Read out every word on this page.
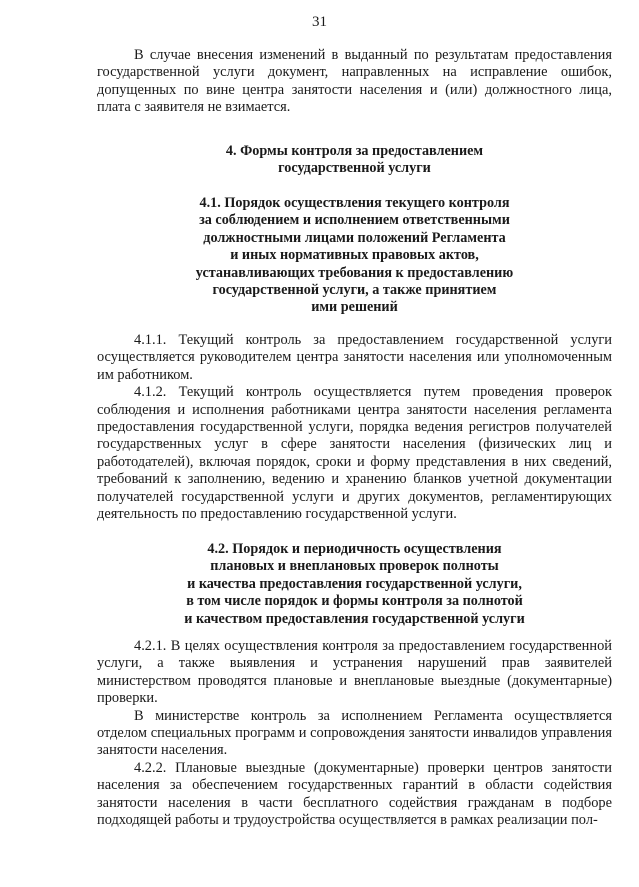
31

В случае внесения изменений в выданный по результатам предоставления государственной услуги документ, направленных на исправление ошибок, допущенных по вине центра занятости населения и (или) должностного лица, плата с заявителя не взимается.

4. Формы контроля за предоставлением
государственной услуги
4.1. Порядок осуществления текущего контроля
за соблюдением и исполнением ответственными
должностными лицами положений Регламента
и иных нормативных правовых актов,
устанавливающих требования к предоставлению
государственной услуги, а также принятием
ими решений

4.1.1. Текущий контроль за предоставлением государственной услуги осуществляется руководителем центра занятости населения или уполномоченным им работником.

4.1.2. Текущий контроль осуществляется путем проведения проверок соблюдения и исполнения работниками центра занятости населения регламента предоставления государственной услуги, порядка ведения регистров получателей государственных услуг в сфере занятости населения (физических лиц и работодателей), включая порядок, сроки и форму представления в них сведений, требований к заполнению, ведению и хранению бланков учетной документации получателей государственной услуги и других документов, регламентирующих деятельность по предоставлению государственной услуги.

4.2. Порядок и периодичность осуществления
плановых и внеплановых проверок полноты
и качества предоставления государственной услуги,
в том числе порядок и формы контроля за полнотой
и качеством предоставления государственной услуги

4.2.1. В целях осуществления контроля за предоставлением государственной услуги, а также выявления и устранения нарушений прав заявителей министерством проводятся плановые и внеплановые выездные (документарные) проверки.

В министерстве контроль за исполнением Регламента осуществляется отделом специальных программ и сопровождения занятости инвалидов управления занятости населения.

4.2.2. Плановые выездные (документарные) проверки центров занятости населения за обеспечением государственных гарантий в области содействия занятости населения в части бесплатного содействия гражданам в подборе подходящей работы и трудоустройства осуществляется в рамках реализации пол-
